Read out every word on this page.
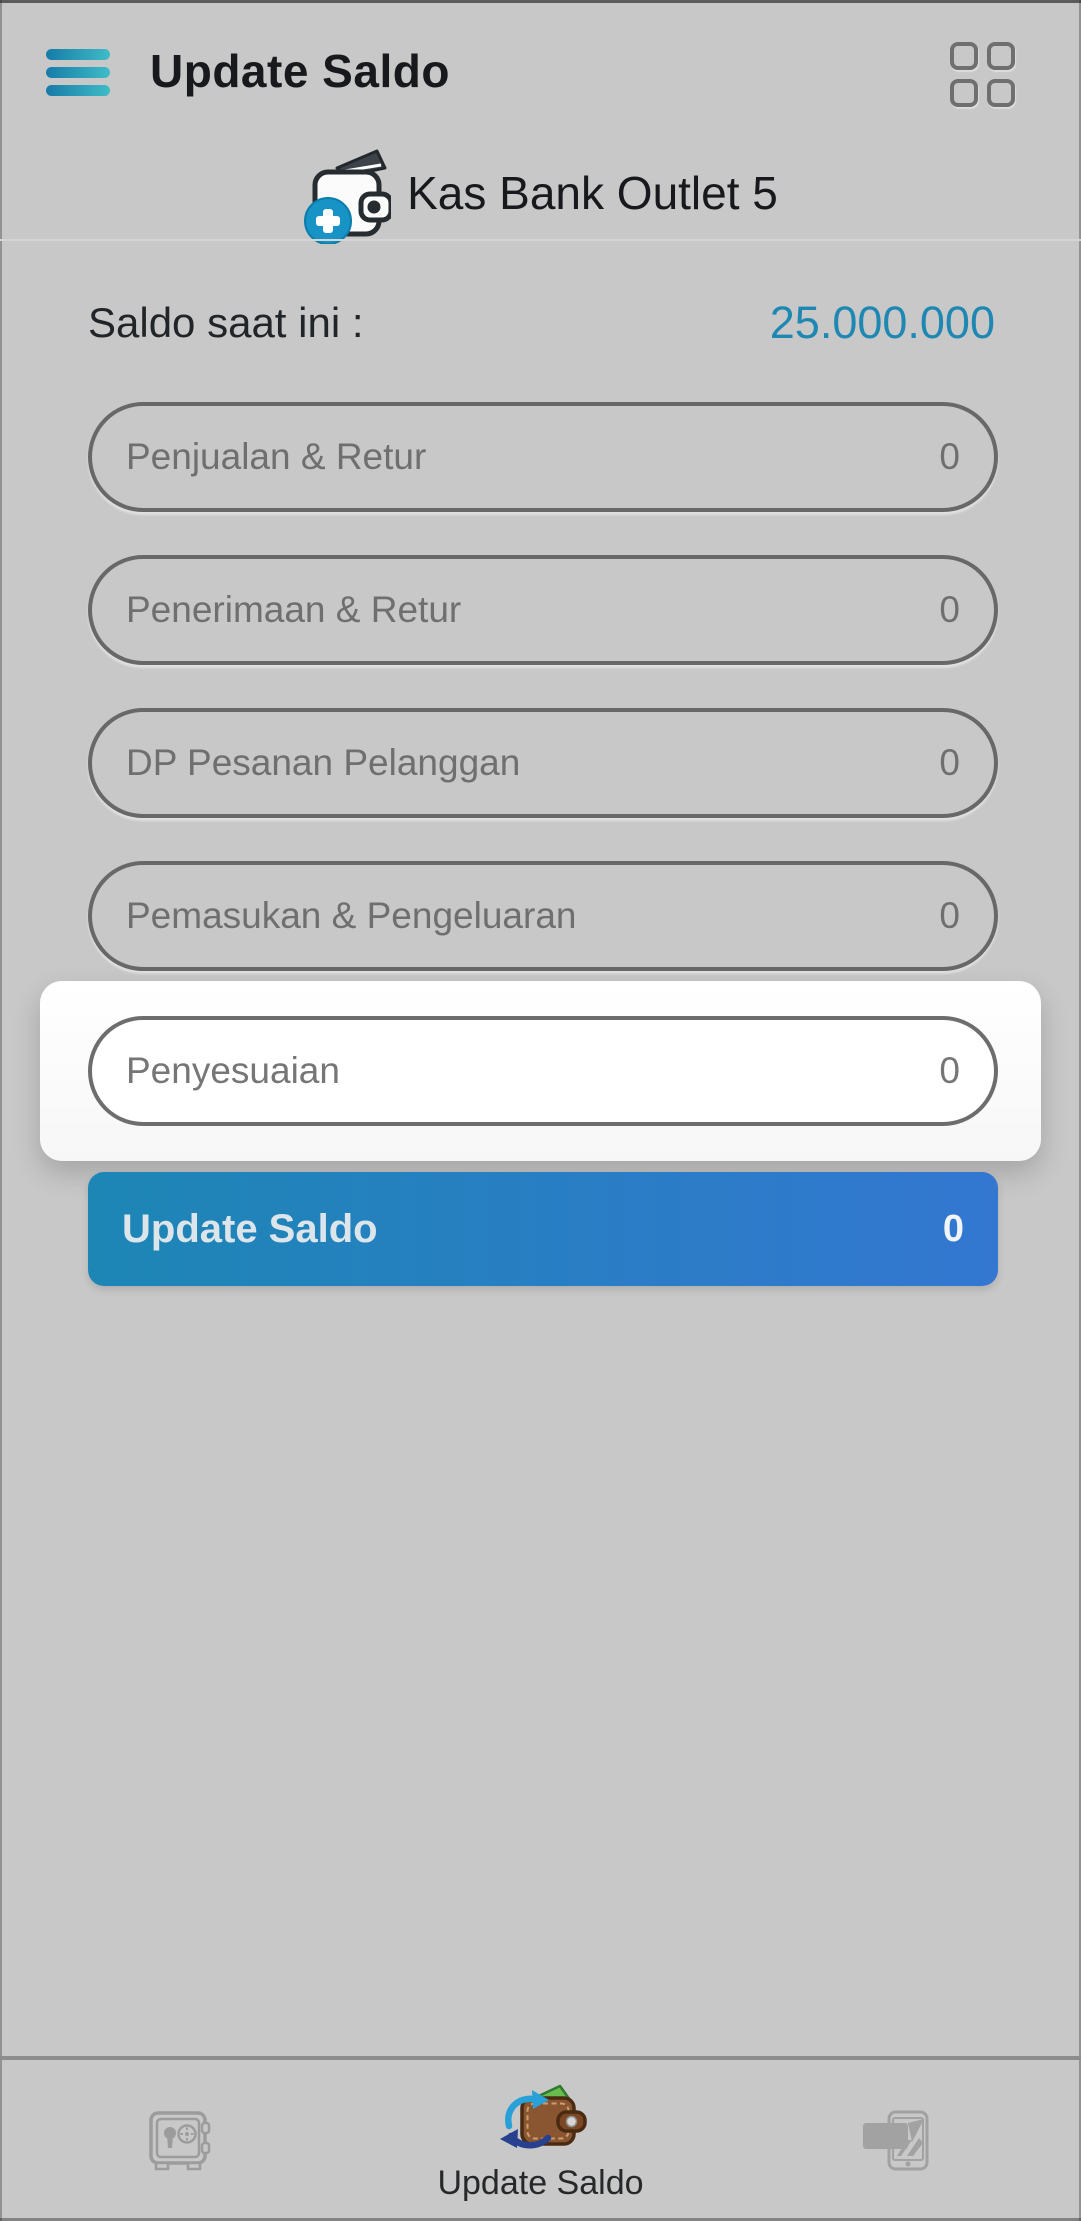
Update Saldo
Kas Bank Outlet 5
Saldo saat ini :	25.000.000
Penjualan & Retur	0
Penerimaan & Retur	0
DP Pesanan Pelanggan	0
Pemasukan & Pengeluaran	0
Penyesuaian	0
Update Saldo	0
Update Saldo
